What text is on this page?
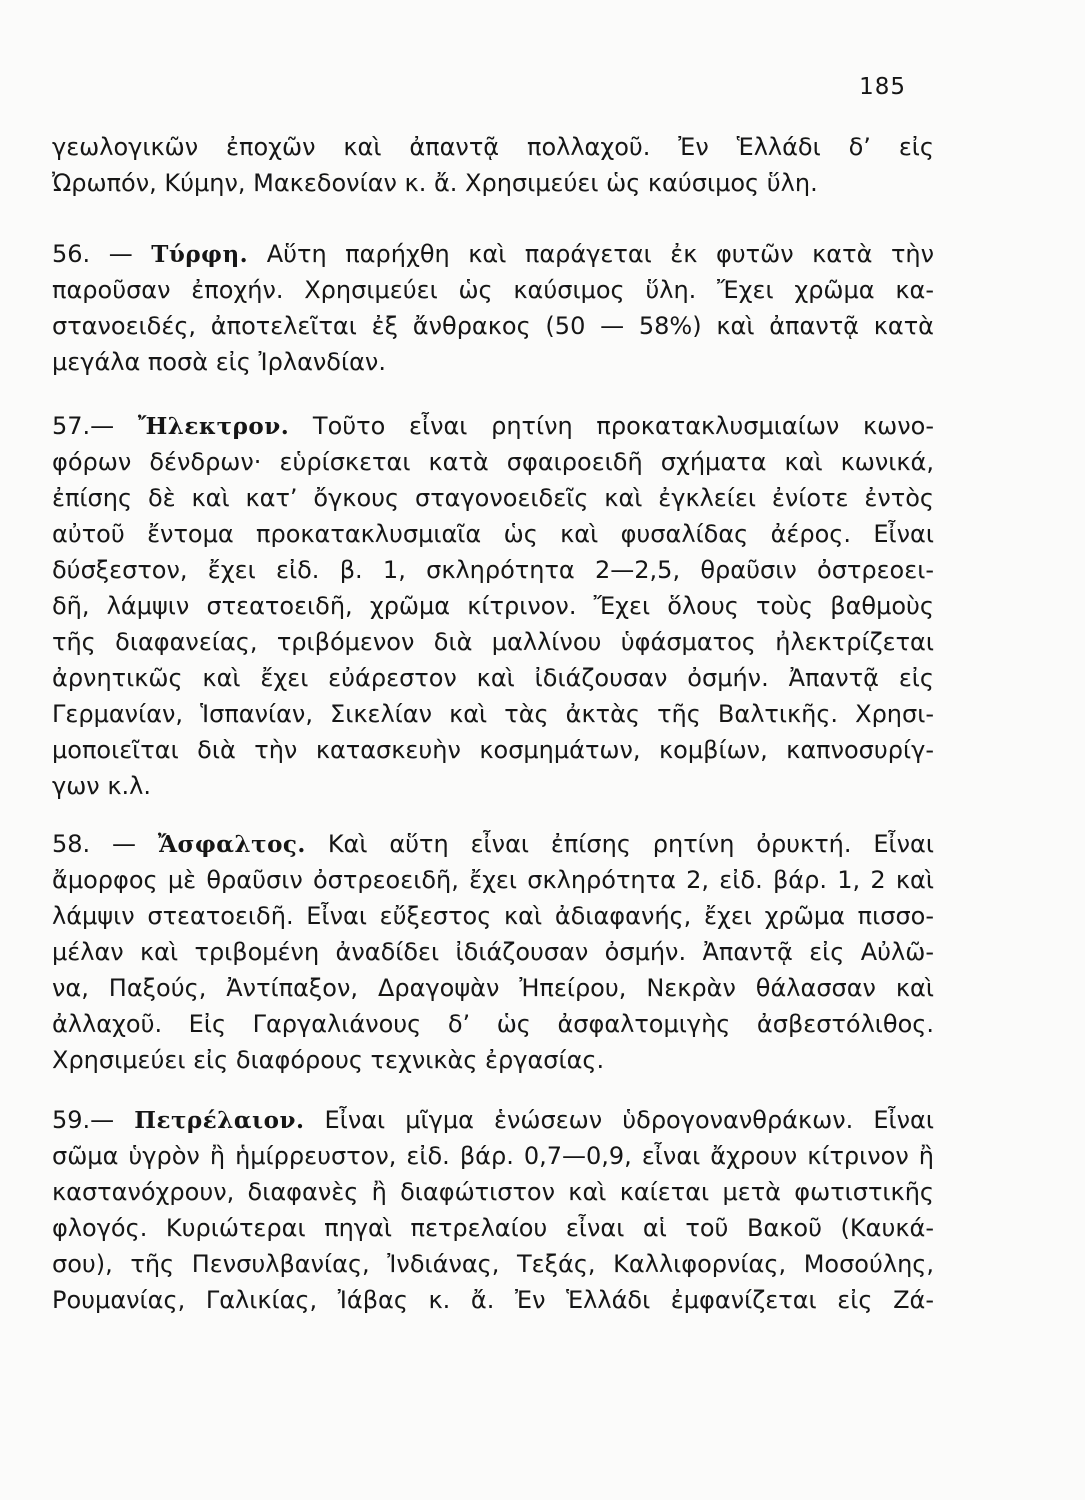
185
γεωλογικῶν ἐποχῶν καὶ ἀπαντᾷ πολλαχοῦ. Ἐν Ἑλλάδι δ’ εἰς
Ὠρωπόν, Κύμην, Μακεδονίαν κ. ἄ. Χρησιμεύει ὡς καύσιμος ὕλη.
56. — Τύρφη. Αὕτη παρήχθη καὶ παράγεται ἐκ φυτῶν κατὰ τὴν
παροῦσαν ἐποχήν. Χρησιμεύει ὡς καύσιμος ὕλη. Ἔχει χρῶμα κα-
στανοειδές, ἀποτελεῖται ἐξ ἄνθρακος (50 — 58%) καὶ ἀπαντᾷ κατὰ
μεγάλα ποσὰ εἰς Ἰρλανδίαν.
57.— Ἤλεκτρον. Τοῦτο εἶναι ρητίνη προκατακλυσμιαίων κωνο-
φόρων δένδρων· εὑρίσκεται κατὰ σφαιροειδῆ σχήματα καὶ κωνικά,
ἐπίσης δὲ καὶ κατ’ ὄγκους σταγονοειδεῖς καὶ ἐγκλείει ἐνίοτε ἐντὸς
αὐτοῦ ἔντομα προκατακλυσμιαῖα ὡς καὶ φυσαλίδας ἀέρος. Εἶναι
δύσξεστον, ἔχει εἰδ. β. 1, σκληρότητα 2—2,5, θραῦσιν ὀστρεοει-
δῆ, λάμψιν στεατοειδῆ, χρῶμα κίτρινον. Ἔχει ὅλους τοὺς βαθμοὺς
τῆς διαφανείας, τριβόμενον διὰ μαλλίνου ὑφάσματος ἠλεκτρίζεται
ἀρνητικῶς καὶ ἔχει εὐάρεστον καὶ ἰδιάζουσαν ὀσμήν. Ἀπαντᾷ εἰς
Γερμανίαν, Ἱσπανίαν, Σικελίαν καὶ τὰς ἀκτὰς τῆς Βαλτικῆς. Χρησι-
μοποιεῖται διὰ τὴν κατασκευὴν κοσμημάτων, κομβίων, καπνοσυρίγ-
γων κ.λ.
58. — Ἄσφαλτος. Καὶ αὕτη εἶναι ἐπίσης ρητίνη ὀρυκτή. Εἶναι
ἄμορφος μὲ θραῦσιν ὀστρεοειδῆ, ἔχει σκληρότητα 2, εἰδ. βάρ. 1, 2 καὶ
λάμψιν στεατοειδῆ. Εἶναι εὔξεστος καὶ ἀδιαφανής, ἔχει χρῶμα πισσο-
μέλαν καὶ τριβομένη ἀναδίδει ἰδιάζουσαν ὀσμήν. Ἀπαντᾷ εἰς Αὐλῶ-
να, Παξούς, Ἀντίπαξον, Δραγοψὰν Ἠπείρου, Νεκρὰν θάλασσαν καὶ
ἀλλαχοῦ. Εἰς Γαργαλιάνους δ’ ὡς ἀσφαλτομιγὴς ἀσβεστόλιθος.
Χρησιμεύει εἰς διαφόρους τεχνικὰς ἐργασίας.
59.— Πετρέλαιον. Εἶναι μῖγμα ἑνώσεων ὑδρογονανθράκων. Εἶναι
σῶμα ὑγρὸν ἢ ἡμίρρευστον, εἰδ. βάρ. 0,7—0,9, εἶναι ἄχρουν κίτρινον ἢ
καστανόχρουν, διαφανὲς ἢ διαφώτιστον καὶ καίεται μετὰ φωτιστικῆς
φλογός. Κυριώτεραι πηγαὶ πετρελαίου εἶναι αἱ τοῦ Βακοῦ (Καυκά-
σου), τῆς Πενσυλβανίας, Ἰνδιάνας, Τεξάς, Καλλιφορνίας, Μοσούλης,
Ρουμανίας, Γαλικίας, Ἰάβας κ. ἄ. Ἐν Ἑλλάδι ἐμφανίζεται εἰς Ζά-
